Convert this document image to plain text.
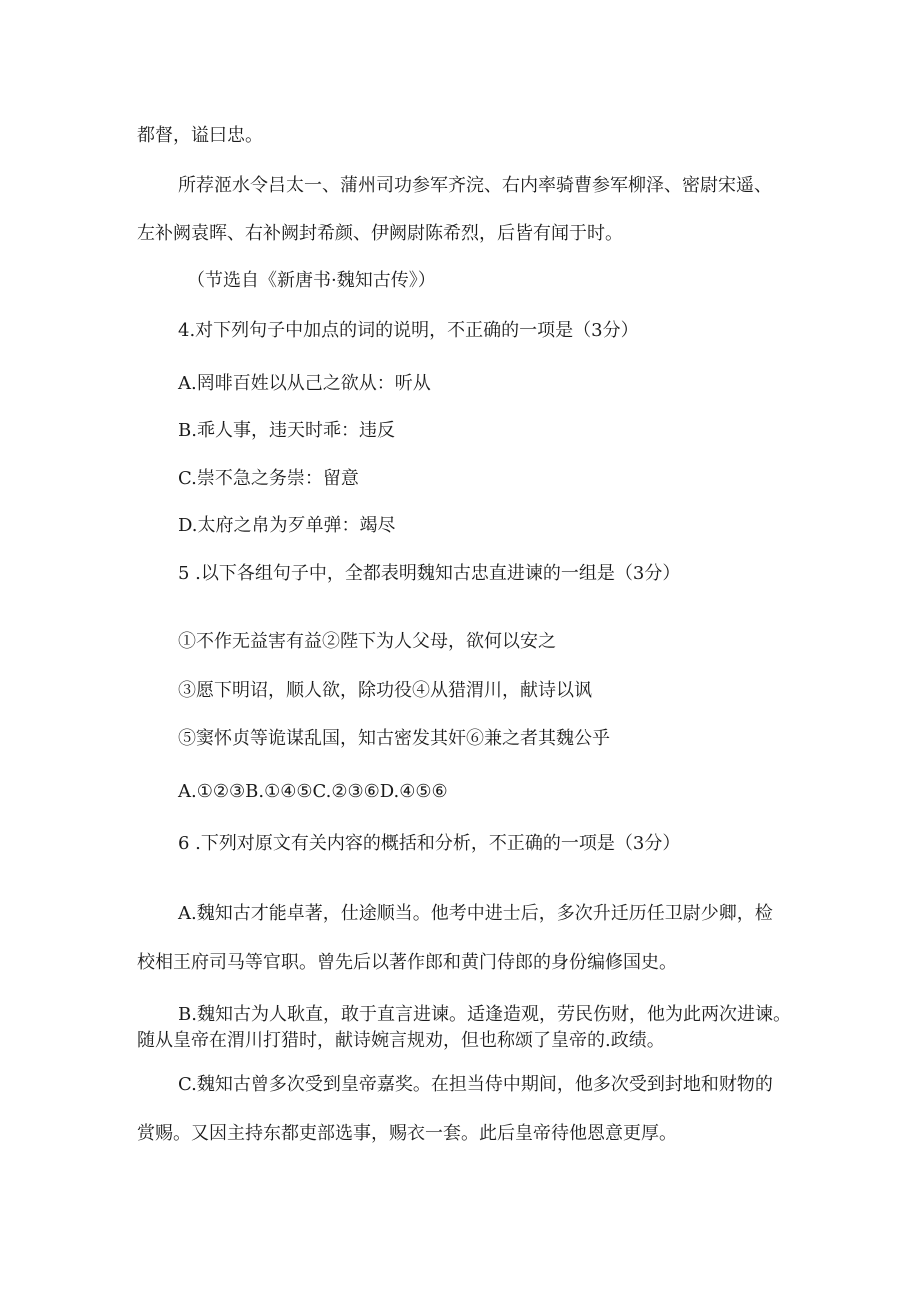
都督，谥曰忠。
所荐洍水令吕太一、蒲州司功参军齐浣、右内率骑曹参军柳泽、密尉宋遥、
左补阙袁晖、右补阙封希颜、伊阙尉陈希烈，后皆有闻于时。
（节选自《新唐书·魏知古传》）
4.对下列句子中加点的词的说明，不正确的一项是（3分）
A.罔啡百姓以从己之欲从：听从
B.乖人事，违天时乖：违反
C.崇不急之务崇：留意
D.太府之帛为歹单弹：竭尽
5 .以下各组句子中，全都表明魏知古忠直进谏的一组是（3分）
①不作无益害有益②陛下为人父母，欲何以安之
③愿下明诏，顺人欲，除功役④从猎渭川，献诗以讽
⑤窦怀贞等诡谋乱国，知古密发其奸⑥兼之者其魏公乎
A.①②③B.①④⑤C.②③⑥D.④⑤⑥
6 .下列对原文有关内容的概括和分析，不正确的一项是（3分）
A.魏知古才能卓著，仕途顺当。他考中进士后，多次升迁历任卫尉少卿，检
校相王府司马等官职。曾先后以著作郎和黄门侍郎的身份编修国史。
B.魏知古为人耿直，敢于直言进谏。适逢造观，劳民伤财，他为此两次进谏。
随从皇帝在渭川打猎时，献诗婉言规劝，但也称颂了皇帝的.政绩。
C.魏知古曾多次受到皇帝嘉奖。在担当侍中期间，他多次受到封地和财物的
赏赐。又因主持东都吏部选事，赐衣一套。此后皇帝待他恩意更厚。
